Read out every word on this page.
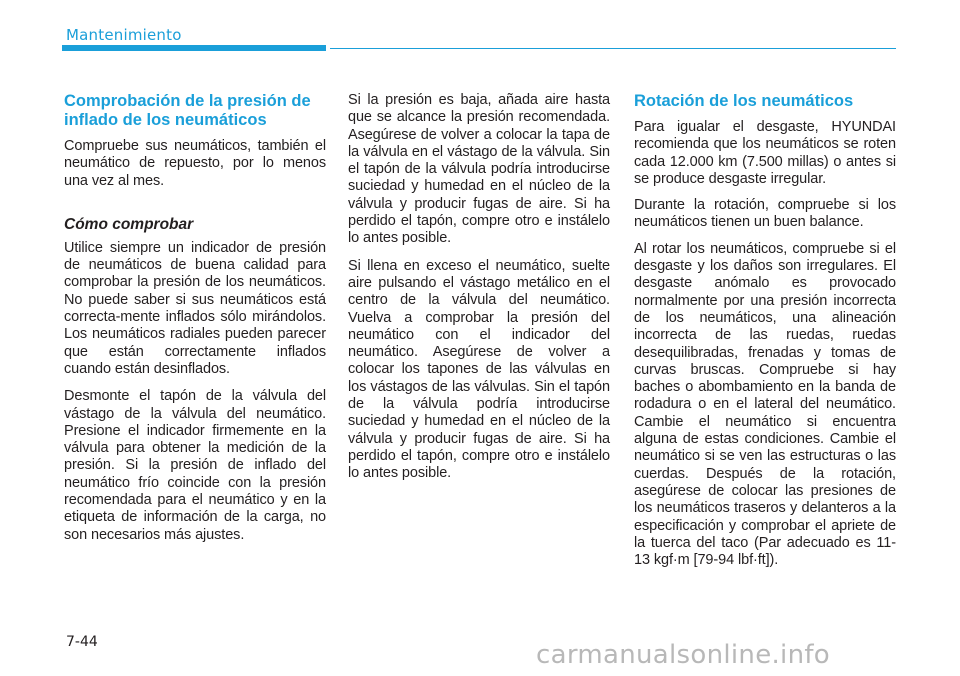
Mantenimiento
Comprobación de la presión de inflado de los neumáticos

Compruebe sus neumáticos, también el neumático de repuesto, por lo menos una vez al mes.

Cómo comprobar

Utilice siempre un indicador de presión de neumáticos de buena calidad para comprobar la presión de los neumáticos. No puede saber si sus neumáticos está correcta-mente inflados sólo mirándolos. Los neumáticos radiales pueden parecer que están correctamente inflados cuando están desinflados.

Desmonte el tapón de la válvula del vástago de la válvula del neumático. Presione el indicador firmemente en la válvula para obtener la medición de la presión. Si la presión de inflado del neumático frío coincide con la presión recomendada para el neumático y en la etiqueta de información de la carga, no son necesarios más ajustes.

Si la presión es baja, añada aire hasta que se alcance la presión recomendada. Asegúrese de volver a colocar la tapa de la válvula en el vástago de la válvula. Sin el tapón de la válvula podría introducirse suciedad y humedad en el núcleo de la válvula y producir fugas de aire. Si ha perdido el tapón, compre otro e instálelo lo antes posible.

Si llena en exceso el neumático, suelte aire pulsando el vástago metálico en el centro de la válvula del neumático. Vuelva a comprobar la presión del neumático con el indicador del neumático. Asegúrese de volver a colocar los tapones de las válvulas en los vástagos de las válvulas. Sin el tapón de la válvula podría introducirse suciedad y humedad en el núcleo de la válvula y producir fugas de aire. Si ha perdido el tapón, compre otro e instálelo lo antes posible.

Rotación de los neumáticos

Para igualar el desgaste, HYUNDAI recomienda que los neumáticos se roten cada 12.000 km (7.500 millas) o antes si se produce desgaste irregular.

Durante la rotación, compruebe si los neumáticos tienen un buen balance.

Al rotar los neumáticos, compruebe si el desgaste y los daños son irregulares. El desgaste anómalo es provocado normalmente por una presión incorrecta de los neumáticos, una alineación incorrecta de las ruedas, ruedas desequilibradas, frenadas y tomas de curvas bruscas. Compruebe si hay baches o abombamiento en la banda de rodadura o en el lateral del neumático. Cambie el neumático si encuentra alguna de estas condiciones. Cambie el neumático si se ven las estructuras o las cuerdas. Después de la rotación, asegúrese de colocar las presiones de los neumáticos traseros y delanteros a la especificación y comprobar el apriete de la tuerca del taco (Par adecuado es 11-13 kgf·m [79-94 lbf·ft]).

7-44	carmanualsonline.info
